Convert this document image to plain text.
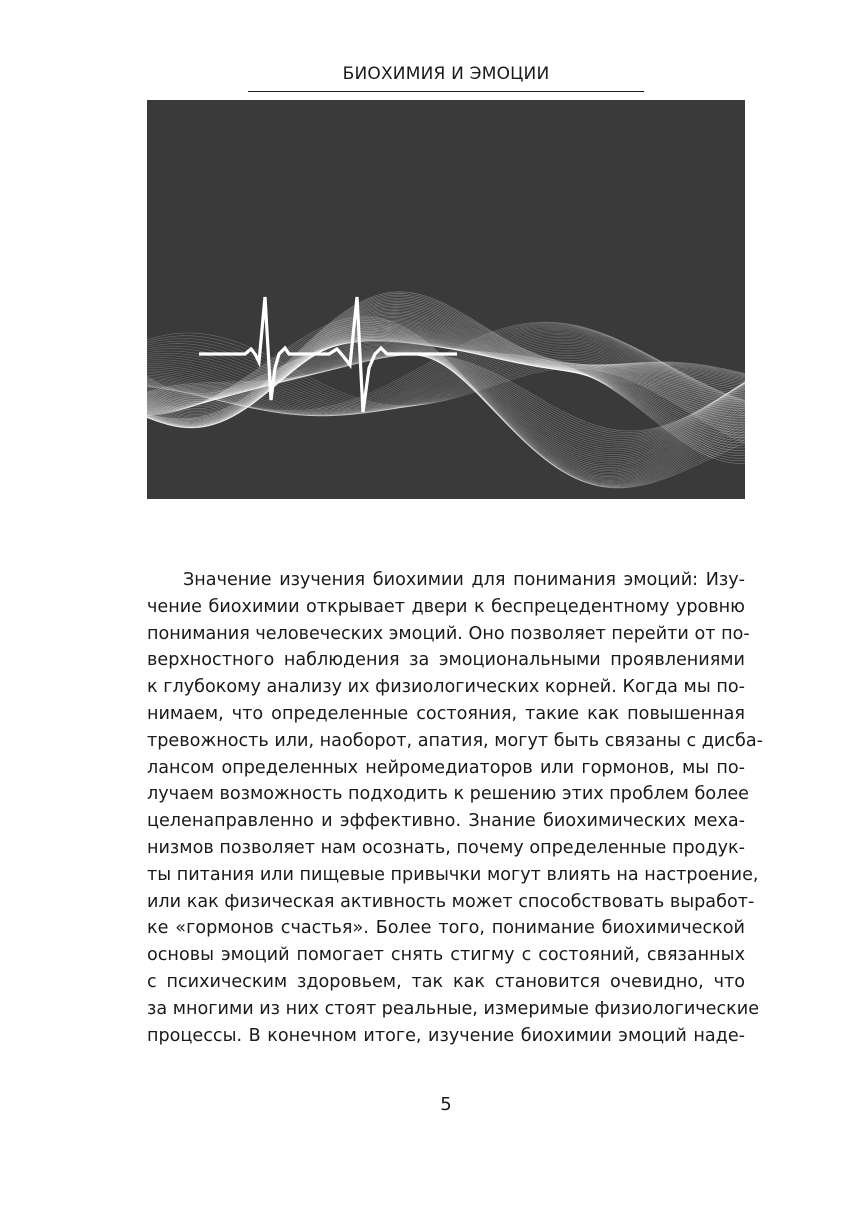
БИОХИМИЯ И ЭМОЦИИ
Значение изучения биохимии для понимания эмоций: Изу-
чение биохимии открывает двери к беспрецедентному уровню
понимания человеческих эмоций. Оно позволяет перейти от по-
верхностного наблюдения за эмоциональными проявлениями
к глубокому анализу их физиологических корней. Когда мы по-
нимаем, что определенные состояния, такие как повышенная
тревожность или, наоборот, апатия, могут быть связаны с дисба-
лансом определенных нейромедиаторов или гормонов, мы по-
лучаем возможность подходить к решению этих проблем более
целенаправленно и эффективно. Знание биохимических меха-
низмов позволяет нам осознать, почему определенные продук-
ты питания или пищевые привычки могут влиять на настроение,
или как физическая активность может способствовать выработ-
ке «гормонов счастья». Более того, понимание биохимической
основы эмоций помогает снять стигму с состояний, связанных
с психическим здоровьем, так как становится очевидно, что
за многими из них стоят реальные, измеримые физиологические
процессы. В конечном итоге, изучение биохимии эмоций наде-
5
